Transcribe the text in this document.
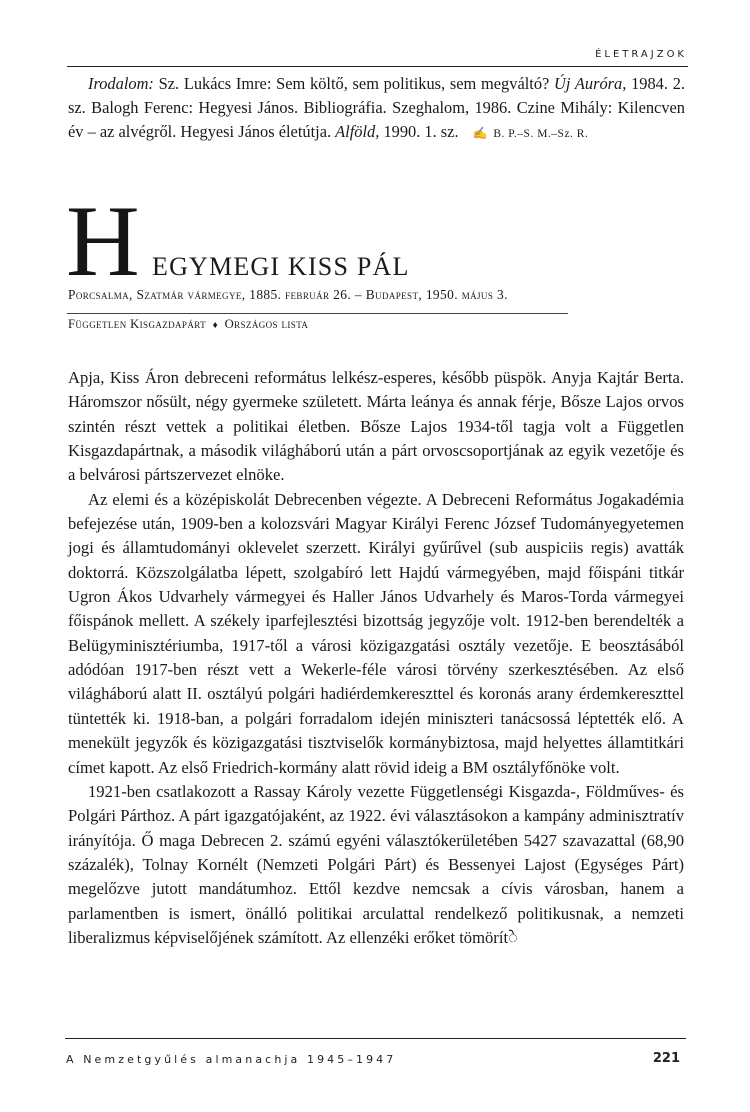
ÉLETRAJZOK
Irodalom: Sz. Lukács Imre: Sem költő, sem politikus, sem megváltó? Új Auróra, 1984. 2. sz. Balogh Ferenc: Hegyesi János. Bibliográfia. Szeghalom, 1986. Czine Mihály: Kilencven év – az alvégről. Hegyesi János életútja. Alföld, 1990. 1. sz. ✍ B. P.–S. M.–Sz. R.
H EGYMEGI KISS PÁL
Porcsalma, Szatmár vármegye, 1885. február 26. – Budapest, 1950. május 3.
Független Kisgazdapárt ♦ Országos lista

Apja, Kiss Áron debreceni református lelkész-esperes, később püspök. Anyja Kajtár Berta. Háromszor nősült, négy gyermeke született. Márta leánya és annak férje, Bősze Lajos orvos szintén részt vettek a politikai életben. Bősze Lajos 1934-től tagja volt a Független Kisgazdapártnak, a második világháború után a párt orvoscsoportjának az egyik vezetője és a belvárosi pártszervezet elnöke.

Az elemi és a középiskolát Debrecenben végezte. A Debreceni Református Jogakadémia befejezése után, 1909-ben a kolozsvári Magyar Királyi Ferenc József Tudományegyetemen jogi és államtudományi oklevelet szerzett. Királyi gyűrűvel (sub auspiciis regis) avatták doktorrá. Közszolgálatba lépett, szolgabíró lett Hajdú vármegyében, majd főispáni titkár Ugron Ákos Udvarhely vármegyei és Haller János Udvarhely és Maros-Torda vármegyei főispánok mellett. A székely iparfejlesztési bizottság jegyzője volt. 1912-ben berendelték a Belügyminisztériumba, 1917-től a városi közigazgatási osztály vezetője. E beosztásából adódóan 1917-ben részt vett a Wekerle-féle városi törvény szerkesztésében. Az első világháború alatt II. osztályú polgári hadiérdemkereszttel és koronás arany érdemkereszttel tüntették ki. 1918-ban, a polgári forradalom idején miniszteri tanácsossá léptették elő. A menekült jegyzők és közigazgatási tisztviselők kormánybiztosa, majd helyettes államtitkári címet kapott. Az első Friedrich-kormány alatt rövid ideig a BM osztályfőnöke volt.

1921-ben csatlakozott a Rassay Károly vezette Függetlenségi Kisgazda-, Földműves- és Polgári Párthoz. A párt igazgatójaként, az 1922. évi választásokon a kampány adminisztratív irányítója. Ő maga Debrecen 2. számú egyéni választókerületében 5427 szavazattal (68,90 százalék), Tolnay Kornélt (Nemzeti Polgári Párt) és Bessenyei Lajost (Egységes Párt) megelőzve jutott mandátumhoz. Ettől kezdve nemcsak a cívis városban, hanem a parlamentben is ismert, önálló politikai arculattal rendelkező politikusnak, a nemzeti liberalizmus képviselőjének számított. Az ellenzéki erőket tömörítे

A Nemzetgyűlés almanachja 1945–1947	221
